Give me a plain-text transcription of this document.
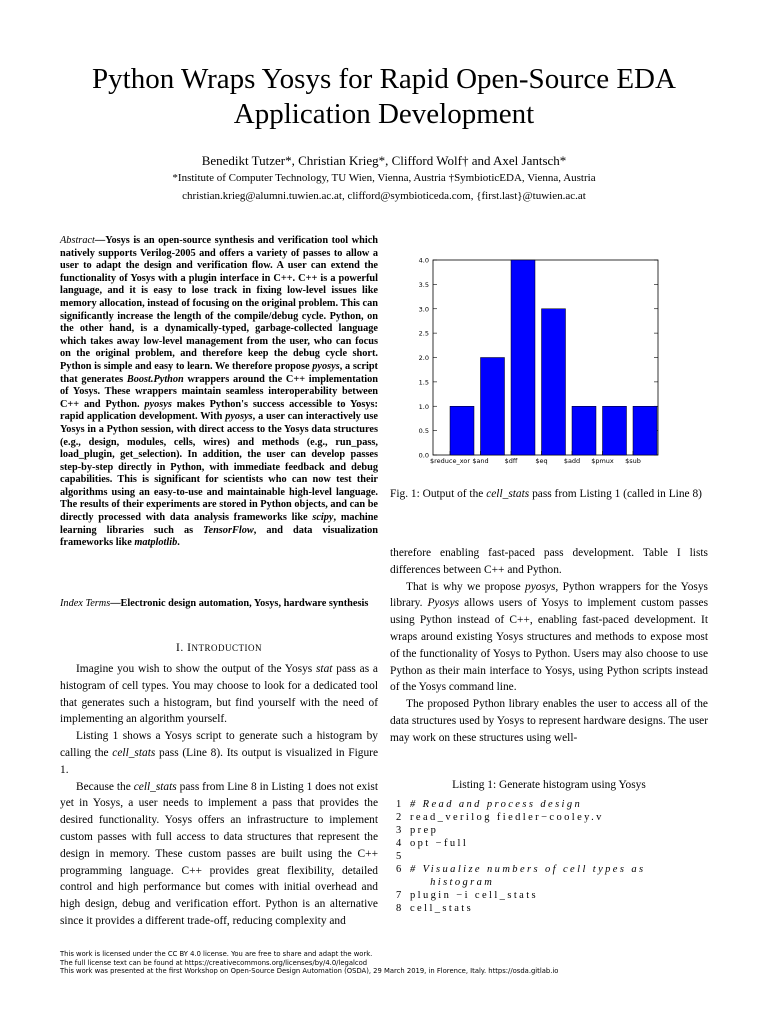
Python Wraps Yosys for Rapid Open-Source EDA Application Development
Benedikt Tutzer*, Christian Krieg*, Clifford Wolf† and Axel Jantsch*
*Institute of Computer Technology, TU Wien, Vienna, Austria †SymbioticEDA, Vienna, Austria
christian.krieg@alumni.tuwien.ac.at, clifford@symbioticeda.com, {first.last}@tuwien.ac.at
Abstract—Yosys is an open-source synthesis and verification tool which natively supports Verilog-2005 and offers a variety of passes to allow a user to adapt the design and verification flow. A user can extend the functionality of Yosys with a plugin interface in C++. C++ is a powerful language, and it is easy to lose track in fixing low-level issues like memory allocation, instead of focusing on the original problem. This can significantly increase the length of the compile/debug cycle. Python, on the other hand, is a dynamically-typed, garbage-collected language which takes away low-level management from the user, who can focus on the original problem, and therefore keep the debug cycle short. Python is simple and easy to learn. We therefore propose pyosys, a script that generates Boost.Python wrappers around the C++ implementation of Yosys. These wrappers maintain seamless interoperability between C++ and Python. pyosys makes Python's success accessible to Yosys: rapid application development. With pyosys, a user can interactively use Yosys in a Python session, with direct access to the Yosys data structures (e.g., design, modules, cells, wires) and methods (e.g., run_pass, load_plugin, get_selection). In addition, the user can develop passes step-by-step directly in Python, with immediate feedback and debug capabilities. This is significant for scientists who can now test their algorithms using an easy-to-use and maintainable high-level language. The results of their experiments are stored in Python objects, and can be directly processed with data analysis frameworks like scipy, machine learning libraries such as TensorFlow, and data visualization frameworks like matplotlib.
Index Terms—Electronic design automation, Yosys, hardware synthesis
I. INTRODUCTION

Imagine you wish to show the output of the Yosys stat pass as a histogram of cell types. You may choose to look for a dedicated tool that generates such a histogram, but find yourself with the need of implementing an algorithm yourself.

Listing 1 shows a Yosys script to generate such a histogram by calling the cell_stats pass (Line 8). Its output is visualized in Figure 1.

Because the cell_stats pass from Line 8 in Listing 1 does not exist yet in Yosys, a user needs to implement a pass that provides the desired functionality. Yosys offers an infrastructure to implement custom passes with full access to data structures that represent the design in memory. These custom passes are built using the C++ programming language. C++ provides great flexibility, detailed control and high performance but comes with initial overhead and high design, debug and verification effort. Python is an alternative since it provides a different trade-off, reducing complexity and

0.0
0.5
1.0
1.5
2.0
2.5
3.0
3.5
4.0
$reduce_xor $and $dff	$eq $add $pmux $sub
Fig. 1: Output of the cell_stats pass from Listing 1 (called in Line 8)

therefore enabling fast-paced pass development. Table I lists differences between C++ and Python.

That is why we propose pyosys, Python wrappers for the Yosys library. Pyosys allows users of Yosys to implement custom passes using Python instead of C++, enabling fast-paced development. It wraps around existing Yosys structures and methods to expose most of the functionality of Yosys to Python. Users may also choose to use Python as their main interface to Yosys, using Python scripts instead of the Yosys command line.

The proposed Python library enables the user to access all of the data structures used by Yosys to represent hardware designs. The user may work on these structures using well-

Listing 1: Generate histogram using Yosys
1 # Read and process design
2 read_verilog fiedler−cooley.v
3 prep
4 opt −full
5

6 # Visualize numbers of cell types as
histogram
7 plugin −i cell_stats
8 cell_stats
This work is licensed under the CC BY 4.0 license. You are free to share and adapt the work.
The full license text can be found at https://creativecommons.org/licenses/by/4.0/legalcod
This work was presented at the first Workshop on Open-Source Design Automation (OSDA), 29 March 2019, in Florence, Italy. https://osda.gitlab.io
